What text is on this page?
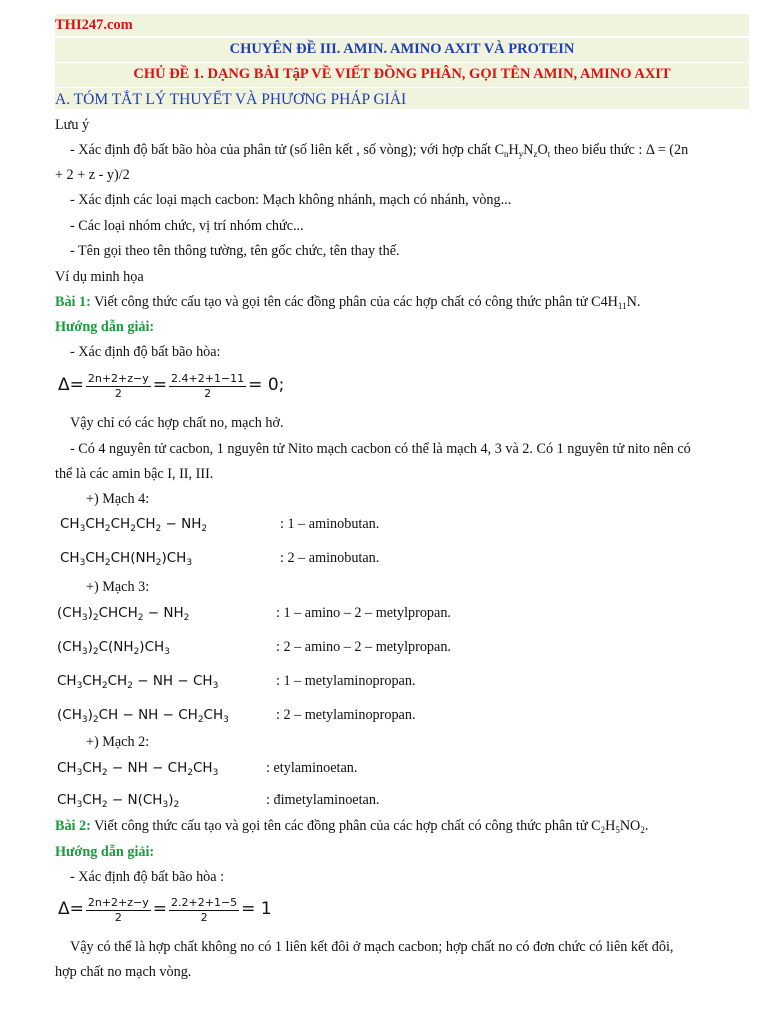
THI247.com
CHUYÊN ĐỀ III. AMIN. AMINO AXIT VÀ PROTEIN
CHỦ ĐỀ 1. DẠNG BÀI TậP VỀ VIẾT ĐỒNG PHÂN, GỌI TÊN AMIN, AMINO AXIT
A. TÓM TẮT LÝ THUYẾT VÀ PHƯƠNG PHÁP GIẢI
Lưu ý
- Xác định độ bất bão hòa của phân tử (số liên kết , số vòng); với hợp chất $C_nH_yN_zO_t$ theo biểu thức : Δ = (2n
+ 2 + z - y)/2
- Xác định các loại mạch cacbon: Mạch không nhánh, mạch có nhánh, vòng...
- Các loại nhóm chức, vị trí nhóm chức...
- Tên gọi theo tên thông tường, tên gốc chức, tên thay thế.
Ví dụ minh họa
Bài 1: Viết công thức cấu tạo và gọi tên các đồng phân của các hợp chất có công thức phân tử $C4H_{11}N$.
Hướng dẫn giải:
- Xác định độ bất bão hòa:
$\Delta= \frac{2n+2+z-y}{2} = \frac{2.4+2+1-11}{2} = 0$;
Vậy chỉ có các hợp chất no, mạch hở.
- Có 4 nguyên tử cacbon, 1 nguyên tử Nito mạch cacbon có thể là mạch 4, 3 và 2. Có 1 nguyên tử nito nên có
thể là các amin bậc I, II, III.
+) Mạch 4:
$CH_3CH_2CH_2CH_2 - NH_2$	: 1 – aminobutan.
$CH_3CH_2CH(NH_2)CH_3$	: 2 – aminobutan.
+) Mạch 3:
$(CH_3)_2CHCH_2 - NH_2$	: 1 – amino – 2 – metylpropan.
$(CH_3)_2C(NH_2)CH_3$	: 2 – amino – 2 – metylpropan.
$CH_3CH_2CH_2$ − NH − $CH_3$	: 1 – metylaminopropan.
$(CH_3)_2CH$ − NH − $CH_2CH_3$	: 2 – metylaminopropan.
+) Mạch 2:
$CH_3CH_2$ − NH − $CH_2CH_3$	: etylaminoetan.
$CH_3CH_2 - N(CH_3)_2$	: đimetylaminoetan.
Bài 2: Viết công thức cấu tạo và gọi tên các đồng phân của các hợp chất có công thức phân tử $C_2H_5NO_2$.
Hướng dẫn giải:
- Xác định độ bất bão hòa :
$\Delta= \frac{2n+2+z-y}{2} = \frac{2.2+2+1-5}{2} = 1$
Vậy có thể là hợp chất không no có 1 liên kết đôi ở mạch cacbon; hợp chất no có đơn chức có liên kết đôi,
hợp chất no mạch vòng.
